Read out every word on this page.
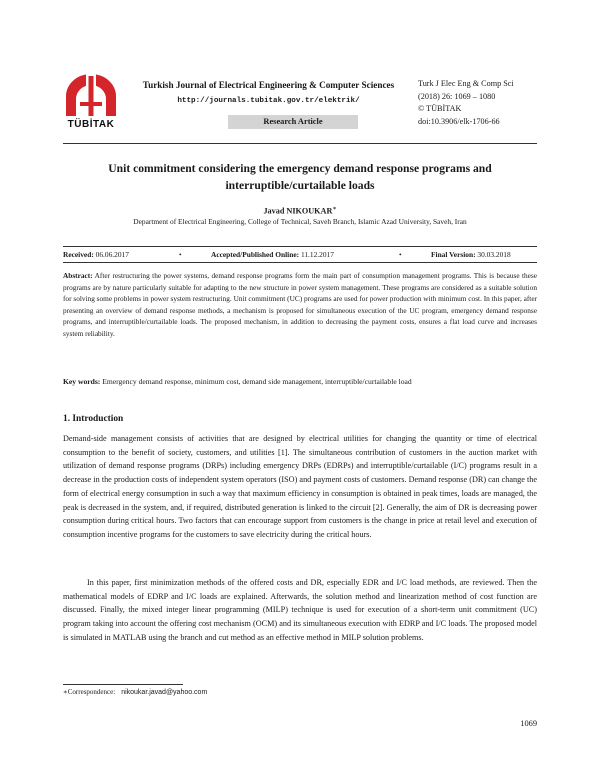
TÜBİTAK
Turkish Journal of Electrical Engineering & Computer Sciences
http://journals.tubitak.gov.tr/elektrik/
Research Article
Turk J Elec Eng & Comp Sci
(2018) 26: 1069 – 1080
© TÜBİTAK
doi:10.3906/elk-1706-66
Unit commitment considering the emergency demand response programs and
interruptible/curtailable loads
Javad NIKOUKAR∗
Department of Electrical Engineering, College of Technical, Saveh Branch, Islamic Azad University, Saveh, Iran
Received: 06.06.2017	•	Accepted/Published Online: 11.12.2017	•	Final Version: 30.03.2018
Abstract: After restructuring the power systems, demand response programs form the main part of consumption management programs. This is because these programs are by nature particularly suitable for adapting to the new structure in power system management. These programs are considered as a suitable solution for solving some problems in power system restructuring. Unit commitment (UC) programs are used for power production with minimum cost. In this paper, after presenting an overview of demand response methods, a mechanism is proposed for simultaneous execution of the UC program, emergency demand response programs, and interruptible/curtailable loads. The proposed mechanism, in addition to decreasing the payment costs, ensures a flat load curve and increases system reliability.
Key words: Emergency demand response, minimum cost, demand side management, interruptible/curtailable load
1. Introduction
Demand-side management consists of activities that are designed by electrical utilities for changing the quantity or time of electrical consumption to the benefit of society, customers, and utilities [1]. The simultaneous contribution of customers in the auction market with utilization of demand response programs (DRPs) including emergency DRPs (EDRPs) and interruptible/curtailable (I/C) programs result in a decrease in the production costs of independent system operators (ISO) and payment costs of customers. Demand response (DR) can change the form of electrical energy consumption in such a way that maximum efficiency in consumption is obtained in peak times, loads are managed, the peak is decreased in the system, and, if required, distributed generation is linked to the circuit [2]. Generally, the aim of DR is decreasing power consumption during critical hours. Two factors that can encourage support from customers is the change in price at retail level and execution of consumption incentive programs for the customers to save electricity during the critical hours.
In this paper, first minimization methods of the offered costs and DR, especially EDR and I/C load methods, are reviewed. Then the mathematical models of EDRP and I/C loads are explained. Afterwards, the solution method and linearization method of cost function are discussed. Finally, the mixed integer linear programming (MILP) technique is used for execution of a short-term unit commitment (UC) program taking into account the offering cost mechanism (OCM) and its simultaneous execution with EDRP and I/C loads. The proposed model is simulated in MATLAB using the branch and cut method as an effective method in MILP solution problems.
∗Correspondence: nikoukar.javad@yahoo.com
1069
